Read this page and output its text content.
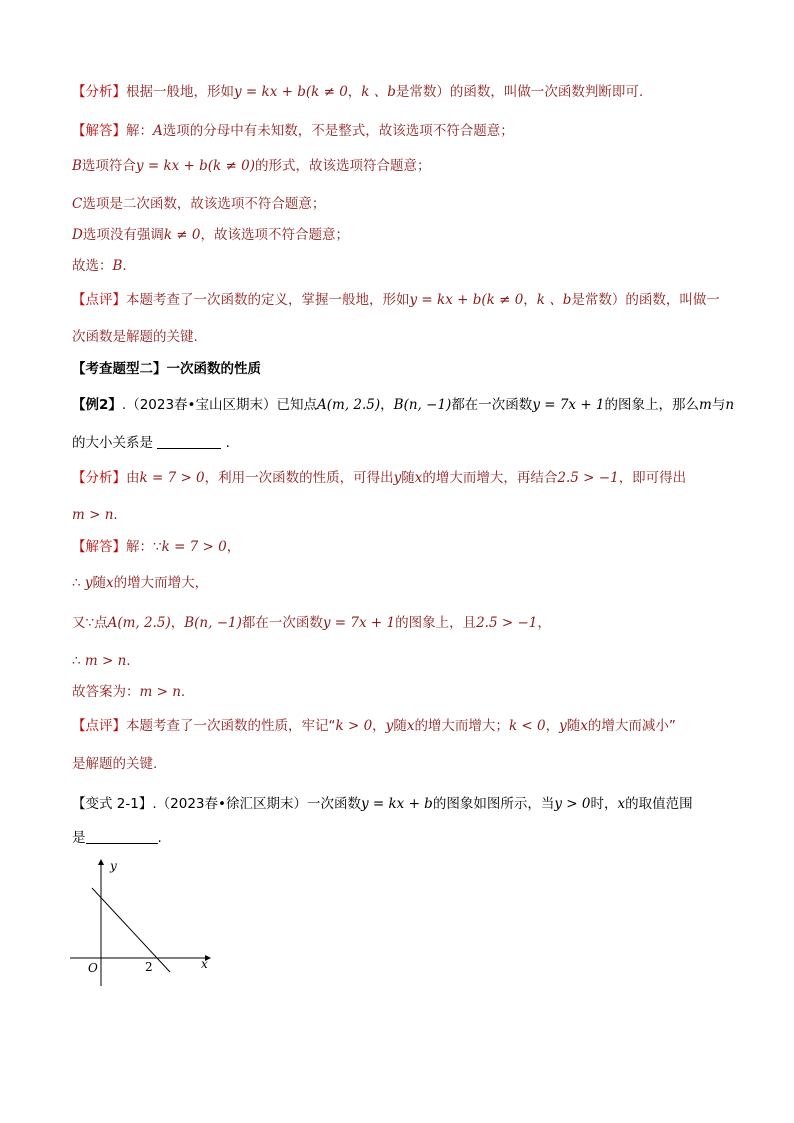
【分析】根据一般地，形如y = kx + b(k ≠ 0，k 、b是常数）的函数，叫做一次函数判断即可.
【解答】解：A选项的分母中有未知数，不是整式，故该选项不符合题意；
B选项符合y = kx + b(k ≠ 0)的形式，故该选项符合题意；
C选项是二次函数，故该选项不符合题意；
D选项没有强调k ≠ 0，故该选项不符合题意；
故选：B.
【点评】本题考查了一次函数的定义，掌握一般地，形如y = kx + b(k ≠ 0，k 、b是常数）的函数，叫做一
次函数是解题的关键.
【考查题型二】一次函数的性质
【例2】.（2023春•宝山区期末）已知点A(m, 2.5)，B(n, −1)都在一次函数y = 7x + 1的图象上，那么m与n
的大小关系是	.
【分析】由k = 7 > 0，利用一次函数的性质，可得出y随x的增大而增大，再结合2.5 > −1，即可得出
m > n.
【解答】解：∵k = 7 > 0，
∴ y随x的增大而增大，
又∵点A(m, 2.5)，B(n, −1)都在一次函数y = 7x + 1的图象上，且2.5 > −1，
∴ m > n.
故答案为：m > n.
【点评】本题考查了一次函数的性质，牢记“k > 0，y随x的增大而增大；k < 0，y随x的增大而减小”
是解题的关键.
【变式 2-1】.（2023春•徐汇区期末）一次函数y = kx + b的图象如图所示，当y > 0时，x的取值范围
是	.
y
x
O	2
